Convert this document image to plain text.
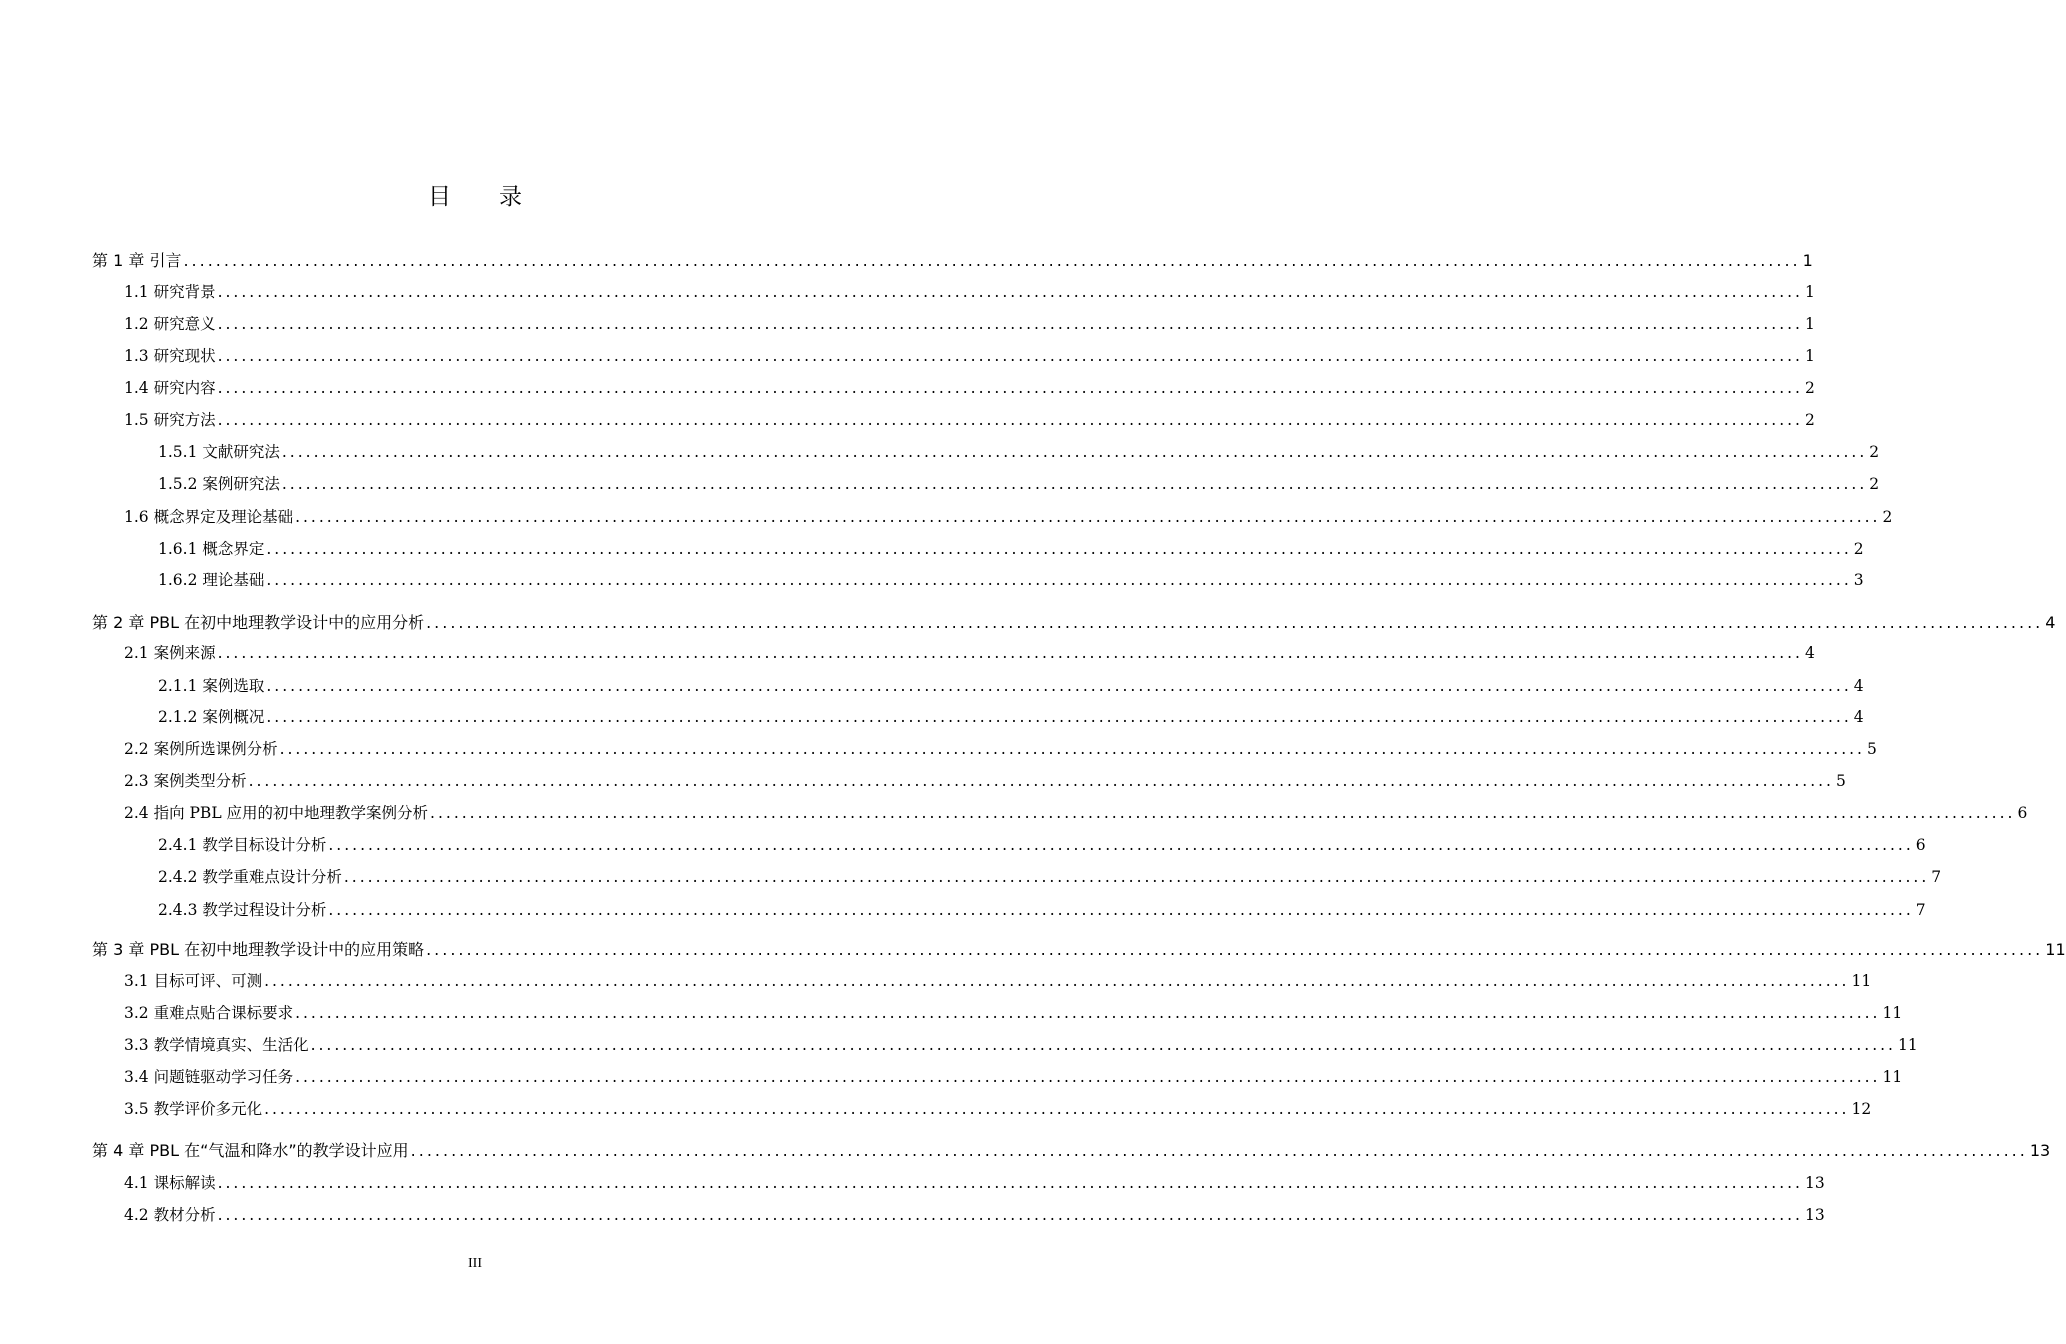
目 录
第 1 章 引言 ........................................................................................................................................................................................................ 1
1.1 研究背景 ........................................................................................................................................................................................................ 1
1.2 研究意义 ........................................................................................................................................................................................................ 1
1.3 研究现状 ........................................................................................................................................................................................................ 1
1.4 研究内容 ........................................................................................................................................................................................................ 2
1.5 研究方法 ........................................................................................................................................................................................................ 2
1.5.1 文献研究法 ........................................................................................................................................................................................................ 2
1.5.2 案例研究法 ........................................................................................................................................................................................................ 2
1.6 概念界定及理论基础 ........................................................................................................................................................................................................ 2
1.6.1 概念界定 ........................................................................................................................................................................................................ 2
1.6.2 理论基础 ........................................................................................................................................................................................................ 3
第 2 章 PBL 在初中地理教学设计中的应用分析 ........................................................................................................................................................................................................ 4
2.1 案例来源 ........................................................................................................................................................................................................ 4
2.1.1 案例选取 ........................................................................................................................................................................................................ 4
2.1.2 案例概况 ........................................................................................................................................................................................................ 4
2.2 案例所选课例分析 ........................................................................................................................................................................................................ 5
2.3 案例类型分析 ........................................................................................................................................................................................................ 5
2.4 指向 PBL 应用的初中地理教学案例分析 ........................................................................................................................................................................................................ 6
2.4.1 教学目标设计分析 ........................................................................................................................................................................................................ 6
2.4.2 教学重难点设计分析 ........................................................................................................................................................................................................ 7
2.4.3 教学过程设计分析 ........................................................................................................................................................................................................ 7
第 3 章 PBL 在初中地理教学设计中的应用策略 ........................................................................................................................................................................................................ 11
3.1 目标可评、可测 ........................................................................................................................................................................................................ 11
3.2 重难点贴合课标要求 ........................................................................................................................................................................................................ 11
3.3 教学情境真实、生活化 ........................................................................................................................................................................................................ 11
3.4 问题链驱动学习任务 ........................................................................................................................................................................................................ 11
3.5 教学评价多元化 ........................................................................................................................................................................................................ 12
第 4 章 PBL 在“气温和降水”的教学设计应用 ........................................................................................................................................................................................................ 13
4.1 课标解读 ........................................................................................................................................................................................................ 13
4.2 教材分析 ........................................................................................................................................................................................................ 13
III
